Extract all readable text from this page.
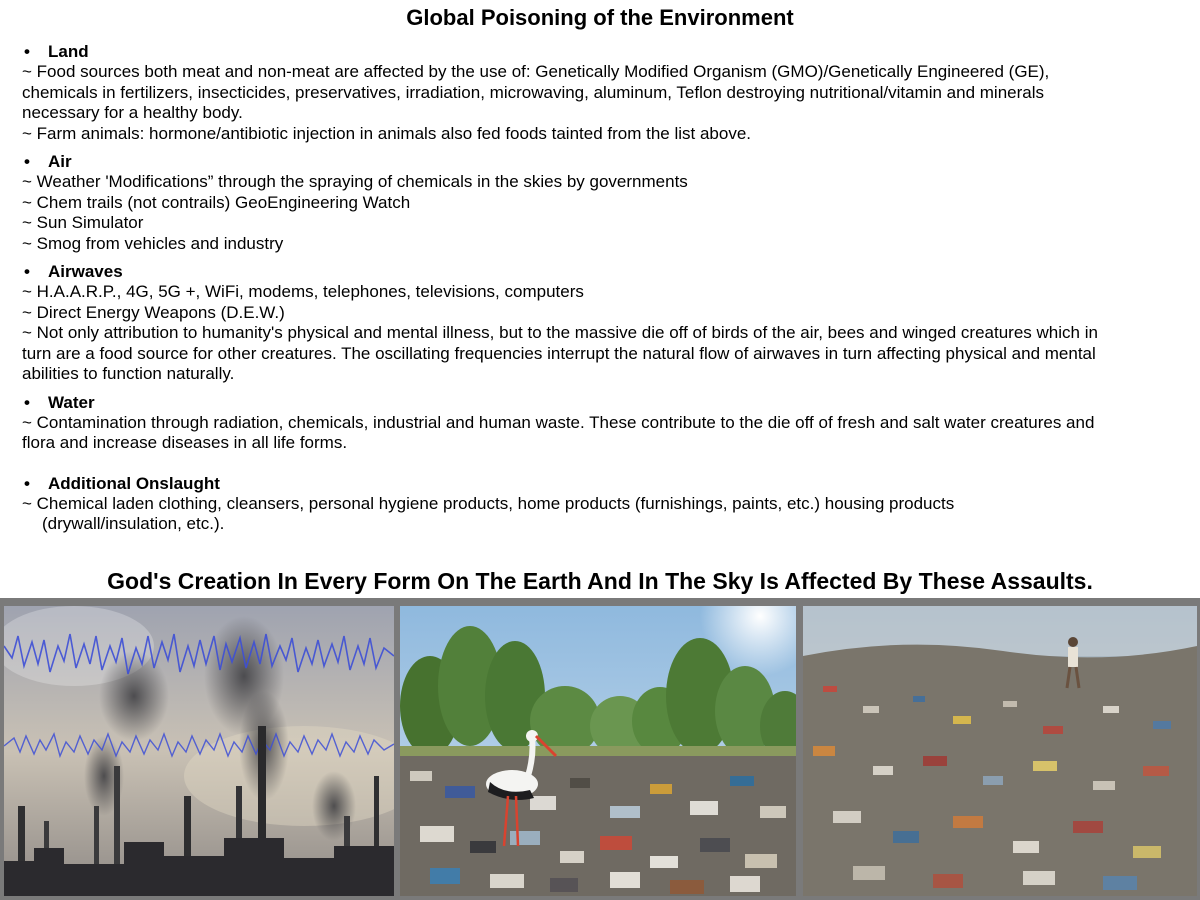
Global Poisoning of the Environment
• Land
~ Food sources both meat and non-meat are affected by the use of: Genetically Modified Organism (GMO)/Genetically Engineered (GE),
chemicals in fertilizers, insecticides, preservatives, irradiation, microwaving, aluminum, Teflon destroying nutritional/vitamin and minerals
necessary for a healthy body.
~ Farm animals: hormone/antibiotic injection in animals also fed foods tainted from the list above.
• Air
~ Weather 'Modifications” through the spraying of chemicals in the skies by governments
~ Chem trails (not contrails) GeoEngineering Watch
~ Sun Simulator
~ Smog from vehicles and industry
• Airwaves
~ H.A.A.R.P., 4G, 5G +, WiFi, modems, telephones, televisions, computers
~ Direct Energy Weapons (D.E.W.)
~ Not only attribution to humanity's physical and mental illness, but to the massive die off of birds of the air, bees and winged creatures which in
turn are a food source for other creatures. The oscillating frequencies interrupt the natural flow of airwaves in turn affecting physical and mental
abilities to function naturally.
• Water
~ Contamination through radiation, chemicals, industrial and human waste. These contribute to the die off of fresh and salt water creatures and
flora and increase diseases in all life forms.
• Additional Onslaught
~ Chemical laden clothing, cleansers, personal hygiene products, home products (furnishings, paints, etc.) housing products
(drywall/insulation, etc.).
God's Creation In Every Form On The Earth And In The Sky Is Affected By These Assaults.
